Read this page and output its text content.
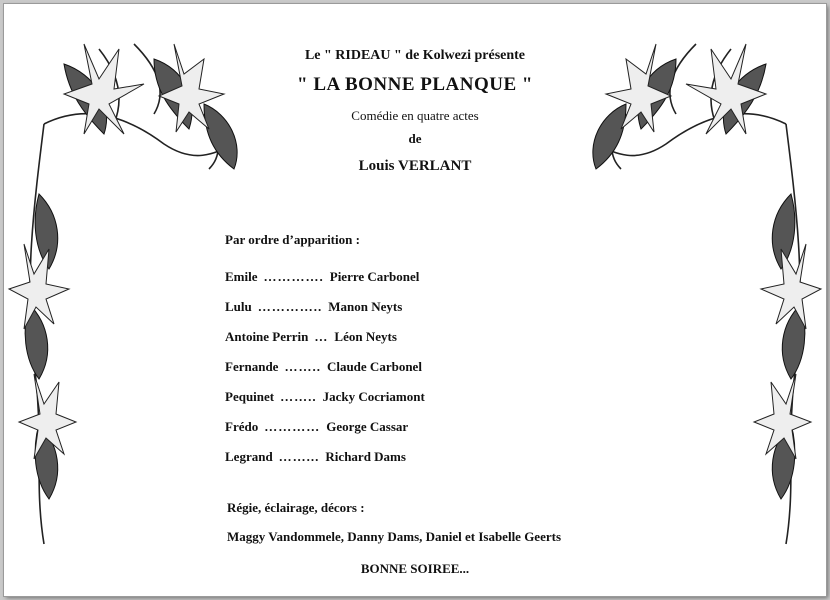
Le " RIDEAU " de Kolwezi présente
" LA BONNE PLANQUE "
Comédie en quatre actes
de
Louis VERLANT
Par ordre d’apparition :
Emile …………. Pierre Carbonel
Lulu ………….. Manon Neyts
Antoine Perrin … Léon Neyts
Fernande …….. Claude Carbonel
Pequinet …….. Jacky Cocriamont
Frédo ………… George Cassar
Legrand ……... Richard Dams
Régie, éclairage, décors :
Maggy Vandommele, Danny Dams, Daniel et Isabelle Geerts
BONNE SOIREE...
